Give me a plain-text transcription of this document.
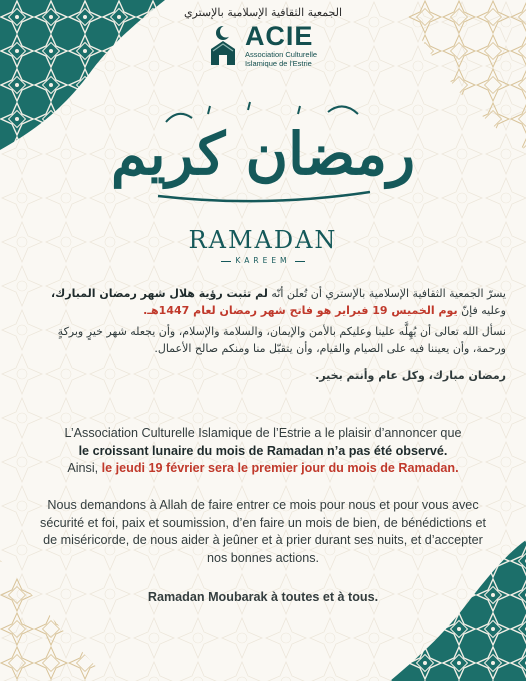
الجمعية الثقافية الإسلامية بالإستري
ACIE
Association Culturelle
Islamique de l'Estrie
رمضان كريم
RAMADAN
KAREEM
يسرّ الجمعية الثقافية الإسلامية بالإستري أن تُعلن أنّه لم تثبت رؤية هلال شهر رمضان المبارك،
وعليه فإنّ يوم الخميس 19 فبراير هو فاتح شهر رمضان لعام 1447هـ.
نسأل الله تعالى أن يُهِلَّه علينا وعليكم بالأمن والإيمان، والسلامة والإسلام، وأن يجعله شهر خيرٍ وبركةٍ ورحمة، وأن يعيننا فيه على الصيام والقيام، وأن يتقبّل منا ومنكم صالح الأعمال.
رمضان مبارك، وكل عام وأنتم بخير.
L’Association Culturelle Islamique de l’Estrie a le plaisir d’annoncer que
le croissant lunaire du mois de Ramadan n’a pas été observé.
Ainsi, le jeudi 19 février sera le premier jour du mois de Ramadan.
Nous demandons à Allah de faire entrer ce mois pour nous et pour vous avec sécurité et foi, paix et soumission, d’en faire un mois de bien, de bénédictions et de miséricorde, de nous aider à jeûner et à prier durant ses nuits, et d’accepter nos bonnes actions.
Ramadan Moubarak à toutes et à tous.
